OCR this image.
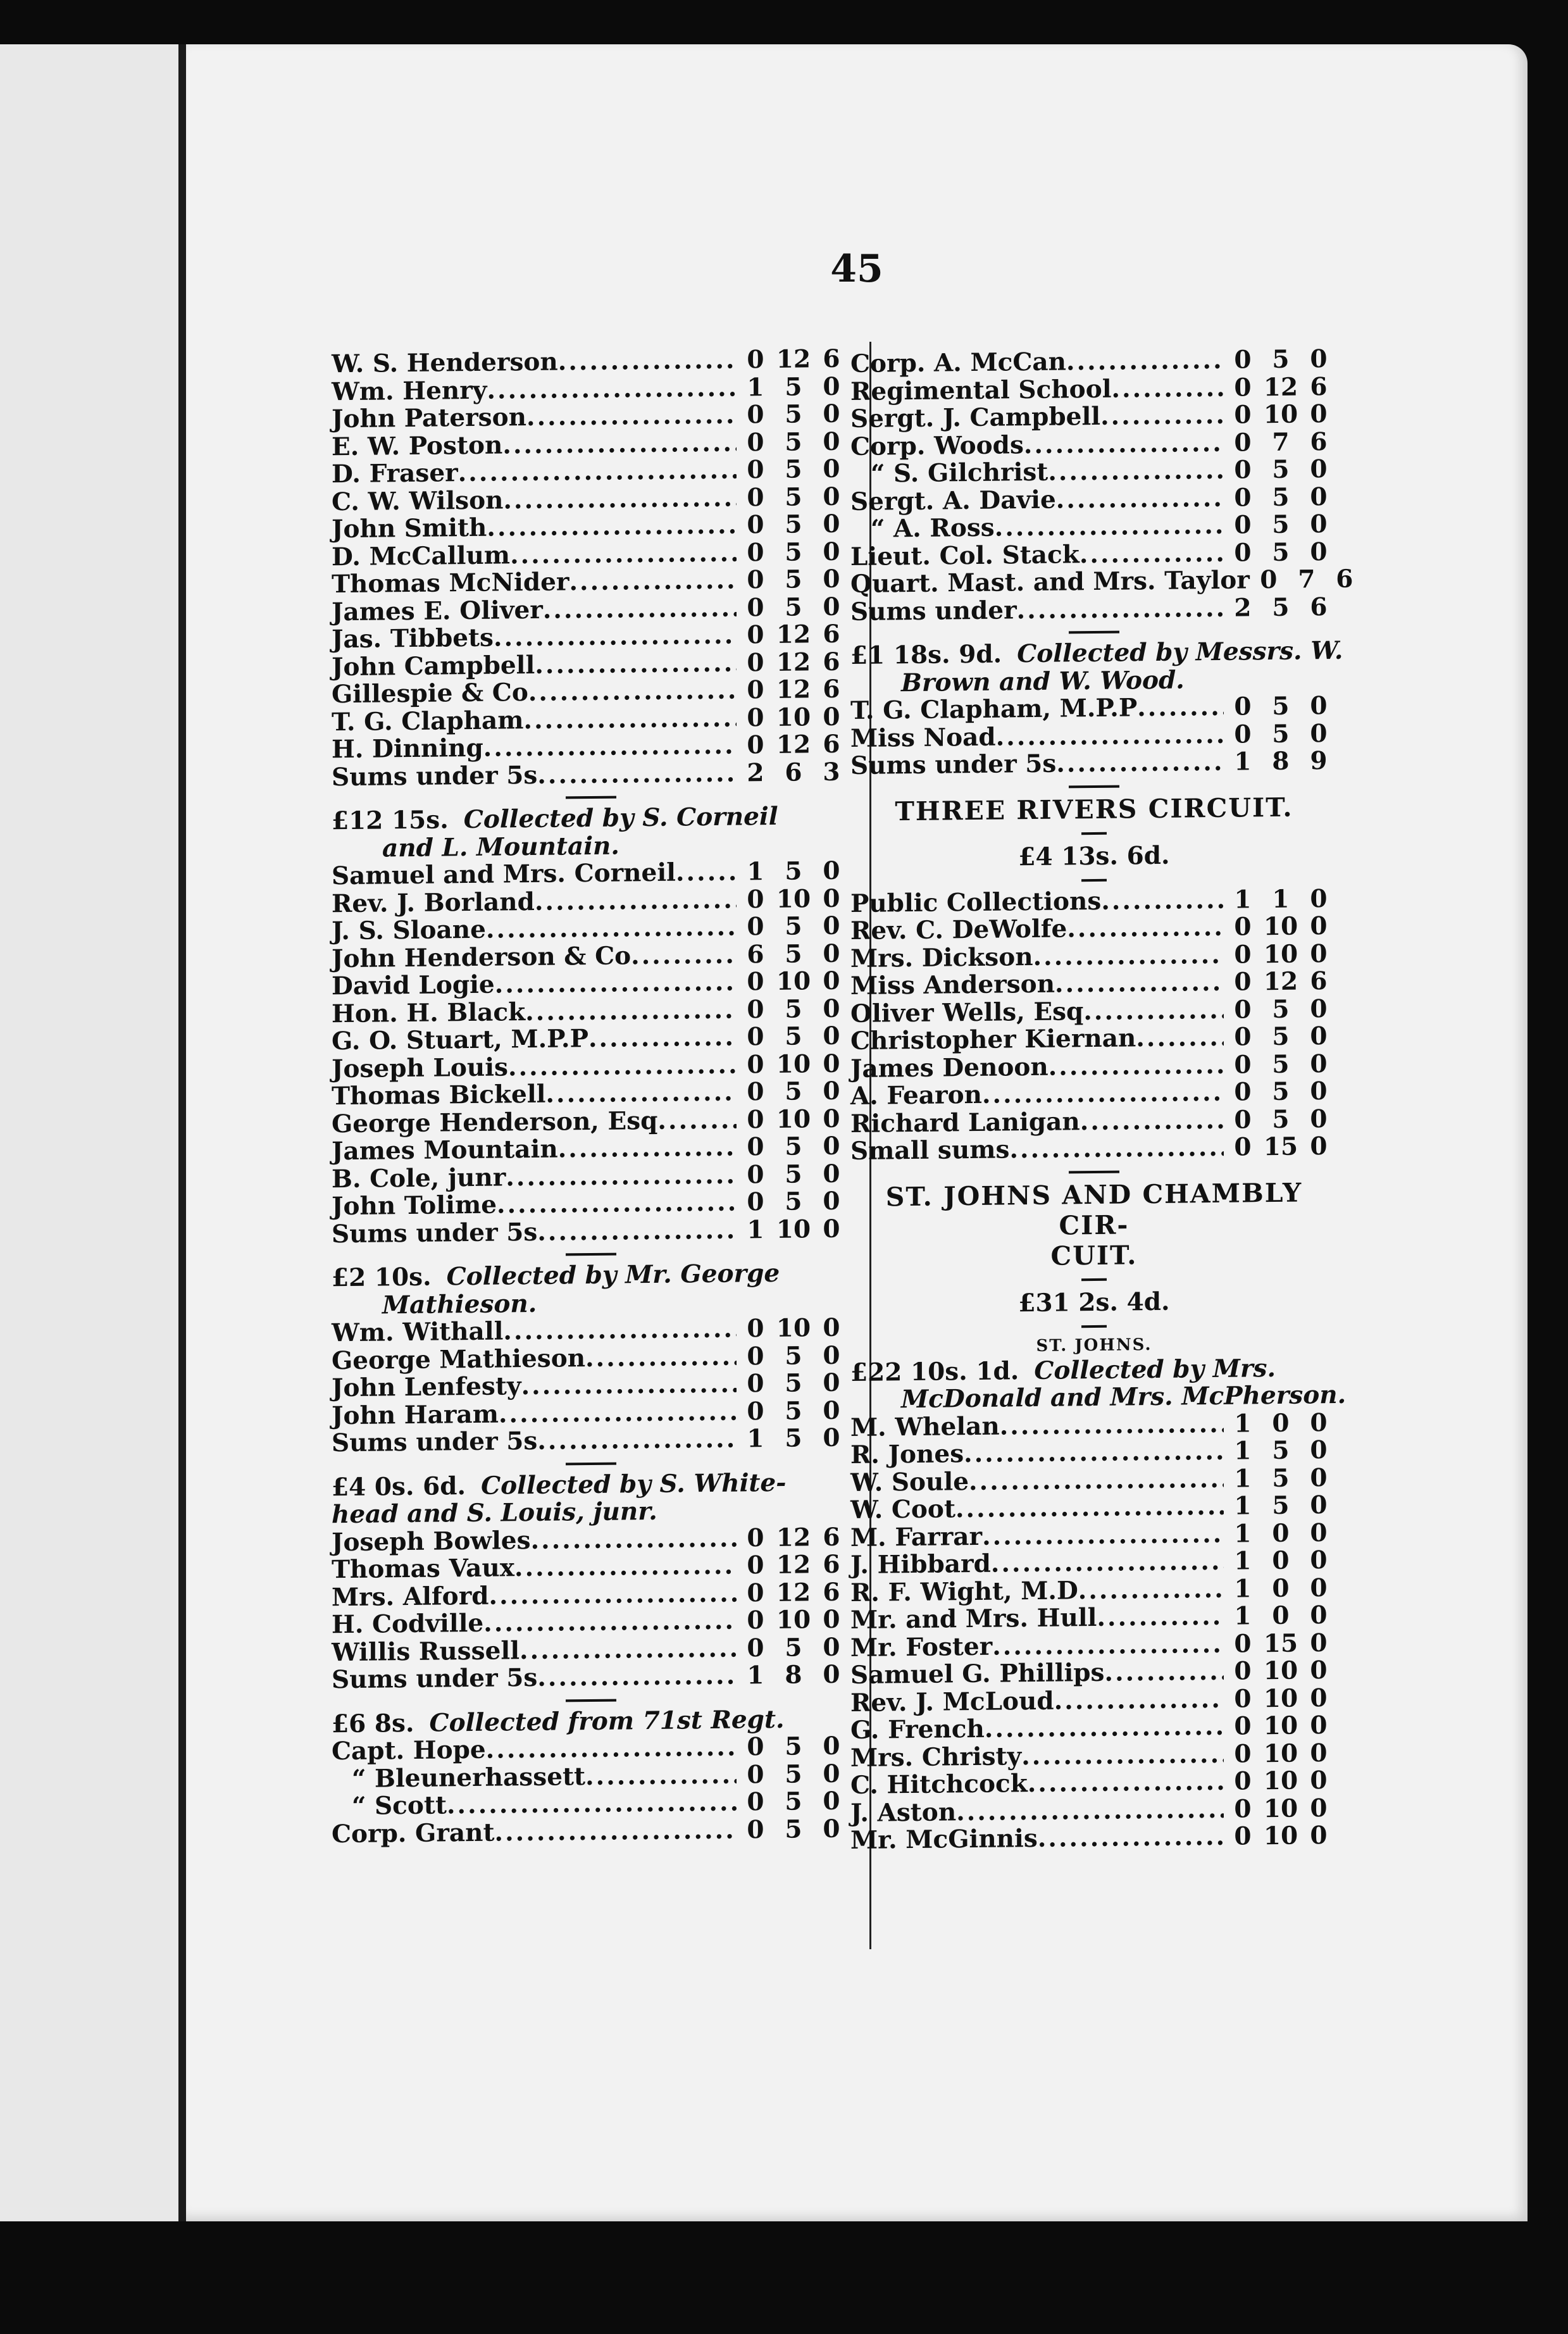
45
W. S. Henderson .....	0 12 6
Wm. Henry .....	1 5 0
John Paterson .....	0 5 0
E. W. Poston .....	0 5 0
D. Fraser .....	0 5 0
C. W. Wilson .....	0 5 0
John Smith .....	0 5 0
D. McCallum .....	0 5 0
Thomas McNider .....	0 5 0
James E. Oliver .....	0 5 0
Jas. Tibbets .....	0 12 6
John Campbell .....	0 12 6
Gillespie & Co .....	0 12 6
T. G. Clapham .....	0 10 0
H. Dinning .....	0 12 6
Sums under 5s .....	2 6 3
£12 15s. Collected by S. Corneil
and L. Mountain.
Samuel and Mrs. Corneil .....	1 5 0
Rev. J. Borland .....	0 10 0
J. S. Sloane .....	0 5 0
John Henderson & Co .....	6 5 0
David Logie .....	0 10 0
Hon. H. Black .....	0 5 0
G. O. Stuart, M.P.P .....	0 5 0
Joseph Louis .....	0 10 0
Thomas Bickell .....	0 5 0
George Henderson, Esq .....	0 10 0
James Mountain .....	0 5 0
B. Cole, junr .....	0 5 0
John Tolime .....	0 5 0
Sums under 5s .....	1 10 0
£2 10s. Collected by Mr. George
Mathieson.
Wm. Withall .....	0 10 0
George Mathieson .....	0 5 0
John Lenfesty .....	0 5 0
John Haram .....	0 5 0
Sums under 5s .....	1 5 0
£4 0s. 6d. Collected by S. White-
head and S. Louis, junr.
Joseph Bowles .....	0 12 6
Thomas Vaux .....	0 12 6
Mrs. Alford .....	0 12 6
H. Codville .....	0 10 0
Willis Russell .....	0 5 0
Sums under 5s .....	1 8 0
£6 8s. Collected from 71st Regt.
Capt. Hope .....	0 5 0
“ Bleunerhassett .....	0 5 0
“ Scott .....	0 5 0
Corp. Grant .....	0 5 0
Corp. A. McCan .....	0 5 0
Regimental School .....	0 12 6
Sergt. J. Campbell .....	0 10 0
Corp. Woods .....	0 7 6
“ S. Gilchrist .....	0 5 0
Sergt. A. Davie .....	0 5 0
“ A. Ross .....	0 5 0
Lieut. Col. Stack .....	0 5 0
Quart. Mast. and Mrs. Taylor 0 7 6
Sums under .....	2 5 6
£1 18s. 9d. Collected by Messrs. W.
Brown and W. Wood.
T. G. Clapham, M.P.P .....	0 5 0
Miss Noad .....	0 5 0
Sums under 5s .....	1 8 9
THREE RIVERS CIRCUIT.
£4 13s. 6d.
Public Collections .....	1 1 0
Rev. C. DeWolfe .....	0 10 0
Mrs. Dickson .....	0 10 0
Miss Anderson .....	0 12 6
Oliver Wells, Esq .....	0 5 0
Christopher Kiernan .....	0 5 0
James Denoon .....	0 5 0
A. Fearon .....	0 5 0
Richard Lanigan .....	0 5 0
Small sums .....	0 15 0
ST. JOHNS AND CHAMBLY CIR-
CUIT.
£31 2s. 4d.
ST. JOHNS.
£22 10s. 1d. Collected by Mrs.
McDonald and Mrs. McPherson.
M. Whelan .....	1 0 0
R. Jones .....	1 5 0
W. Soule .....	1 5 0
W. Coot .....	1 5 0
M. Farrar .....	1 0 0
J. Hibbard .....	1 0 0
R. F. Wight, M.D .....	1 0 0
Mr. and Mrs. Hull .....	1 0 0
Mr. Foster .....	0 15 0
Samuel G. Phillips .....	0 10 0
Rev. J. McLoud .....	0 10 0
G. French .....	0 10 0
Mrs. Christy .....	0 10 0
C. Hitchcock .....	0 10 0
J. Aston .....	0 10 0
Mr. McGinnis .....	0 10 0
